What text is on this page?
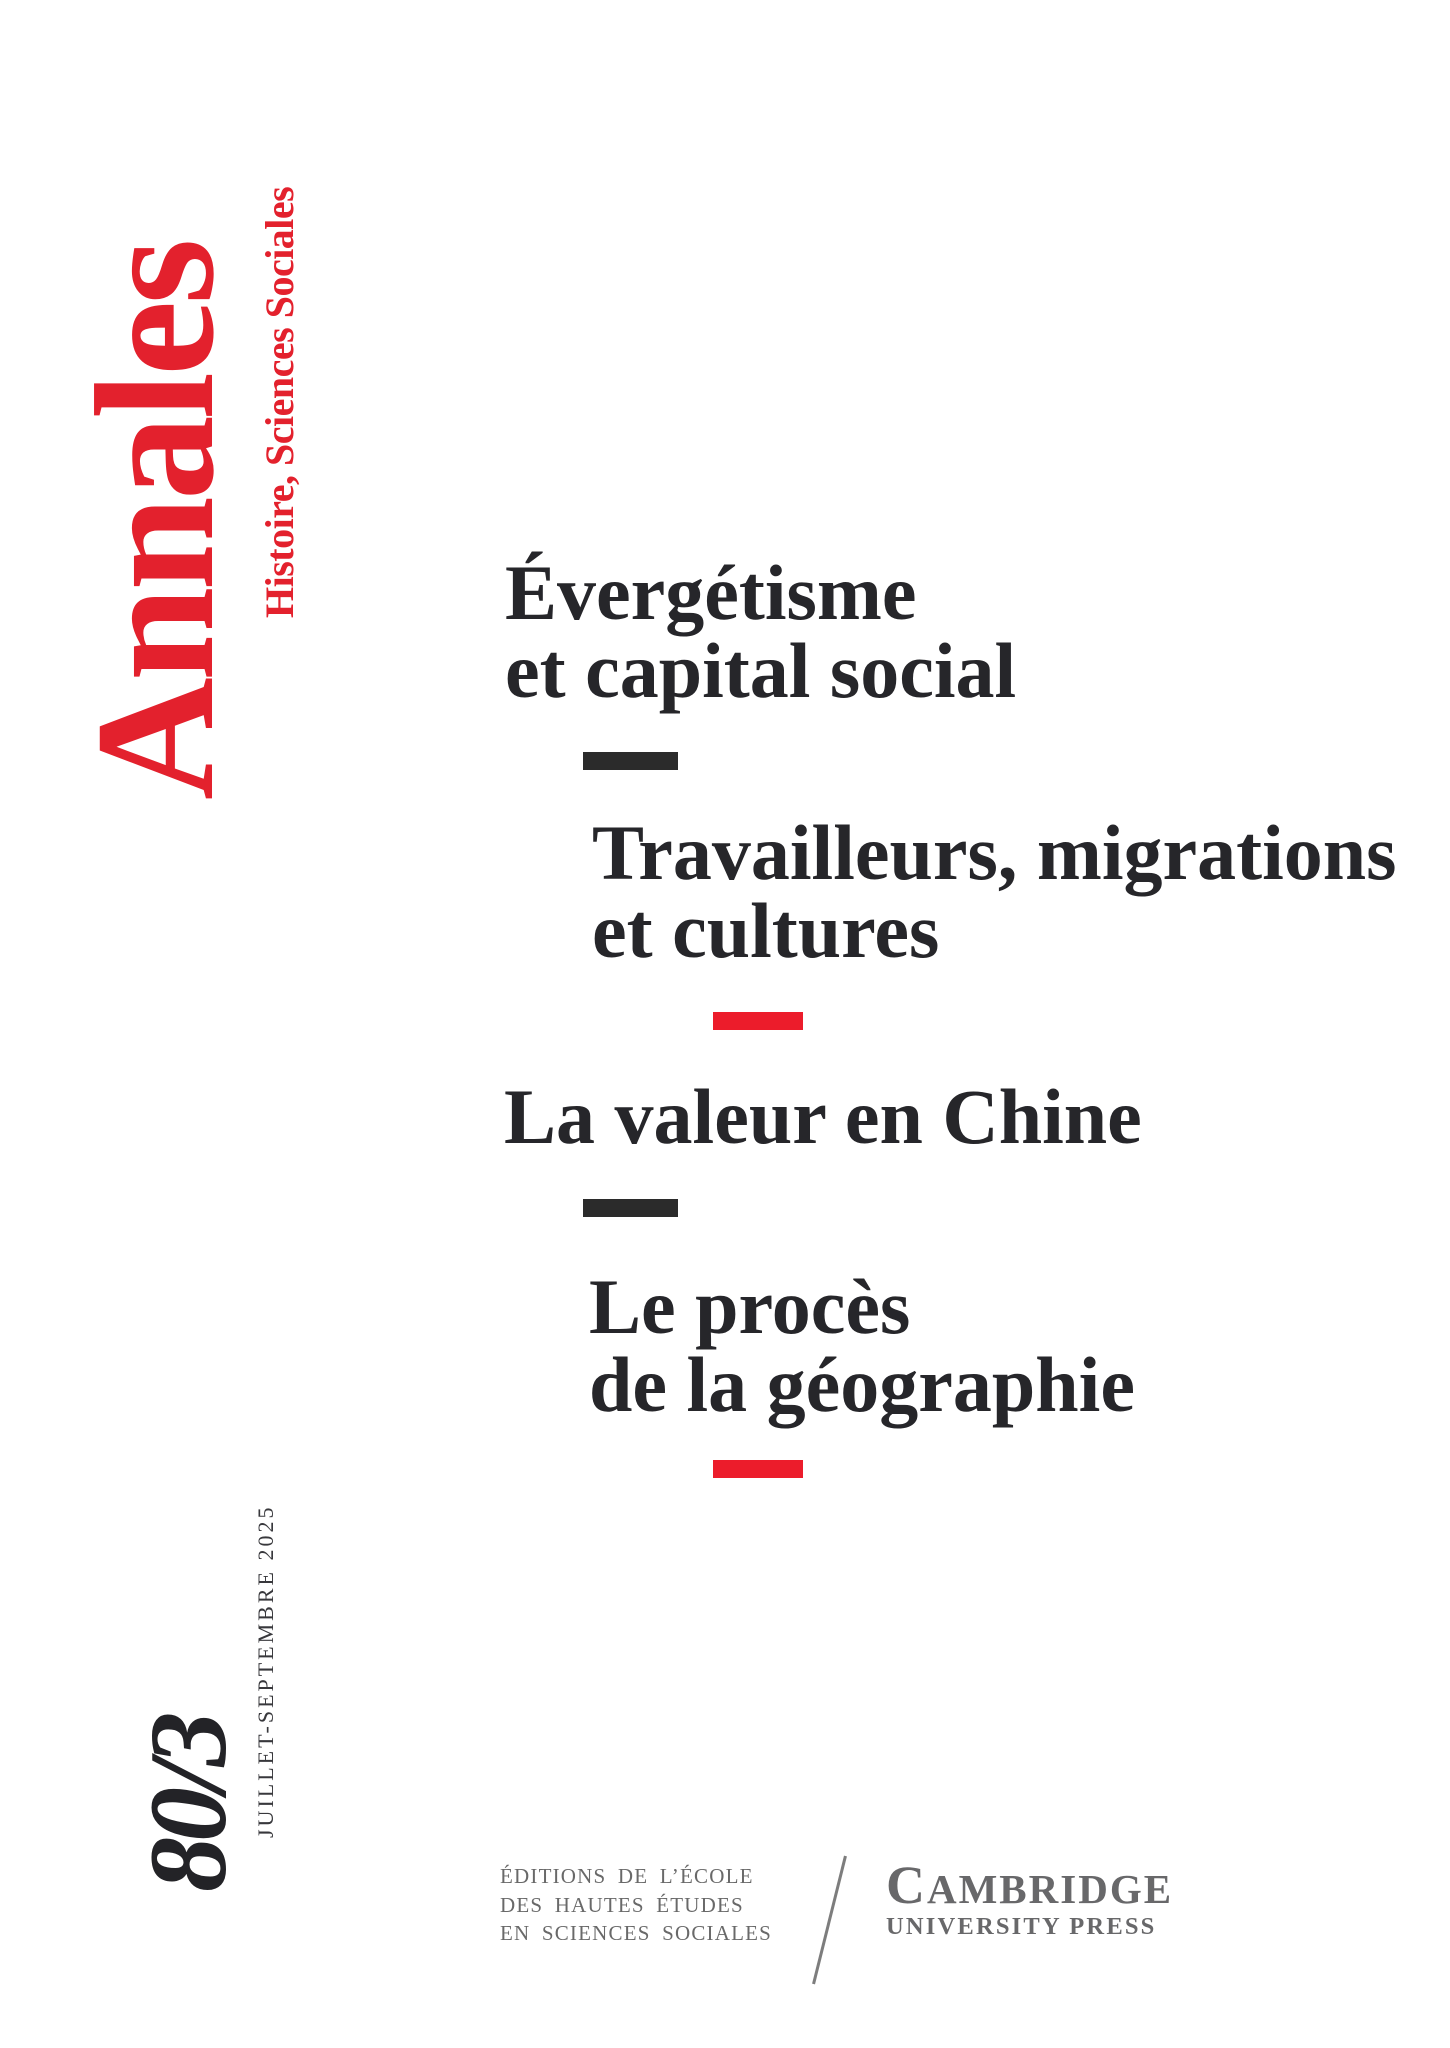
Annales Histoire, Sciences Sociales	Évergétisme
et capital social
Travailleurs, migrations
et cultures
La valeur en Chine
Le procès
de la géographie
80/3 JUILLET-SEPTEMBRE 2025
ÉDITIONS DE L’ÉCOLE
DES HAUTES ÉTUDES
EN SCIENCES SOCIALES
CAMBRIDGE
UNIVERSITY PRESS
